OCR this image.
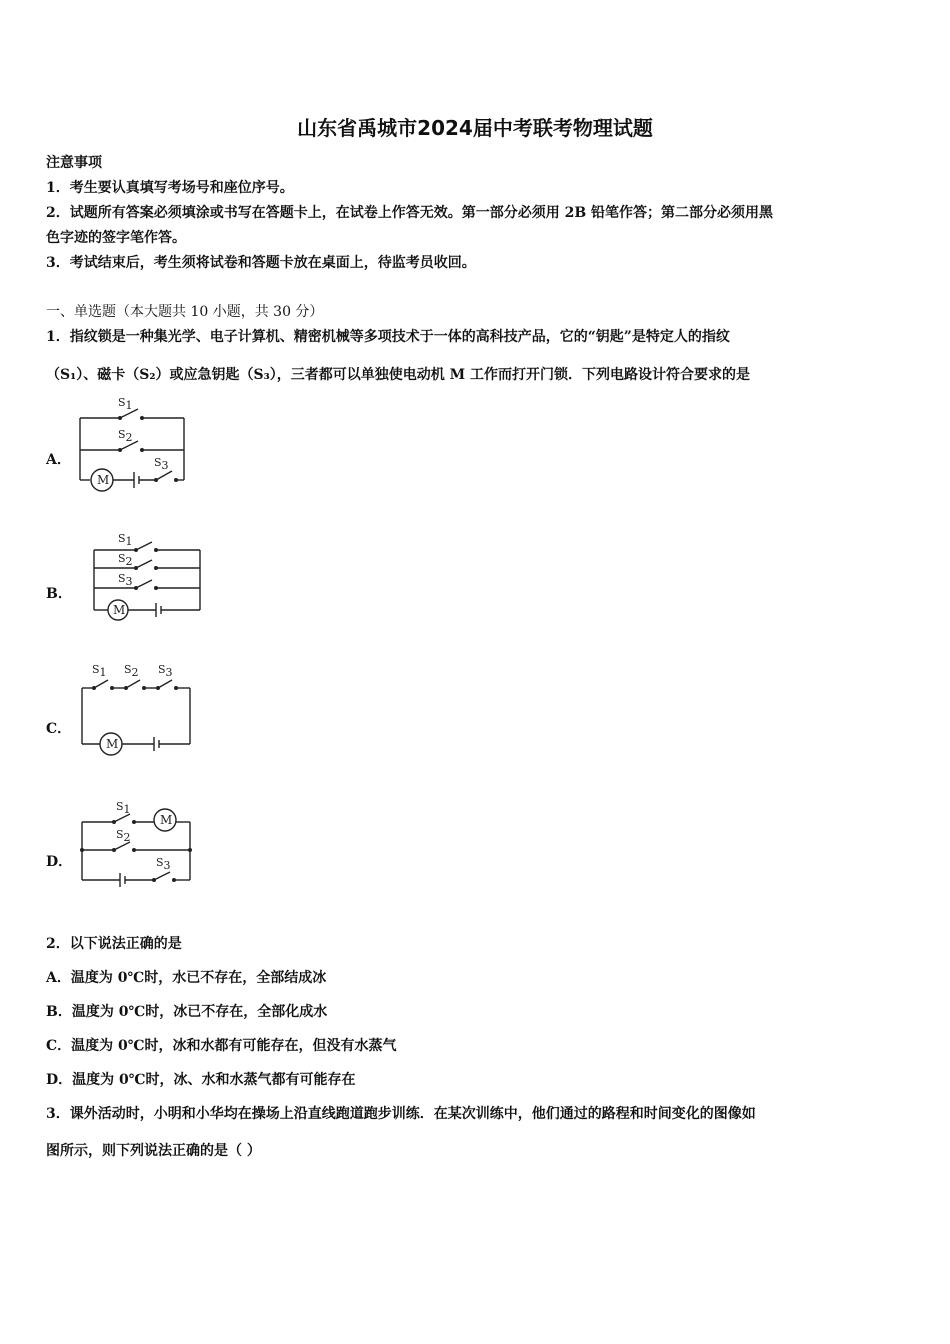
山东省禹城市2024届中考联考物理试题
注意事项
1．考生要认真填写考场号和座位序号。
2．试题所有答案必须填涂或书写在答题卡上，在试卷上作答无效。第一部分必须用 2B 铅笔作答；第二部分必须用黑
色字迹的签字笔作答。
3．考试结束后，考生须将试卷和答题卡放在桌面上，待监考员收回。
一、单选题（本大题共 10 小题，共 30 分）
1．指纹锁是一种集光学、电子计算机、精密机械等多项技术于一体的高科技产品，它的“钥匙”是特定人的指纹
（S₁）、磁卡（S₂）或应急钥匙（S₃），三者都可以单独使电动机 M 工作而打开门锁．下列电路设计符合要求的是
A．
S1
S2
M
S3
B．
S1
S2
S3
M
C．
S1 S2 S3
M
D．
M
S1
S2
S3
2．以下说法正确的是
A．温度为 0℃时，水已不存在，全部结成冰
B．温度为 0℃时，冰已不存在，全部化成水
C．温度为 0℃时，冰和水都有可能存在，但没有水蒸气
D．温度为 0℃时，冰、水和水蒸气都有可能存在
3．课外活动时，小明和小华均在操场上沿直线跑道跑步训练．在某次训练中，他们通过的路程和时间变化的图像如
图所示，则下列说法正确的是（ ）
